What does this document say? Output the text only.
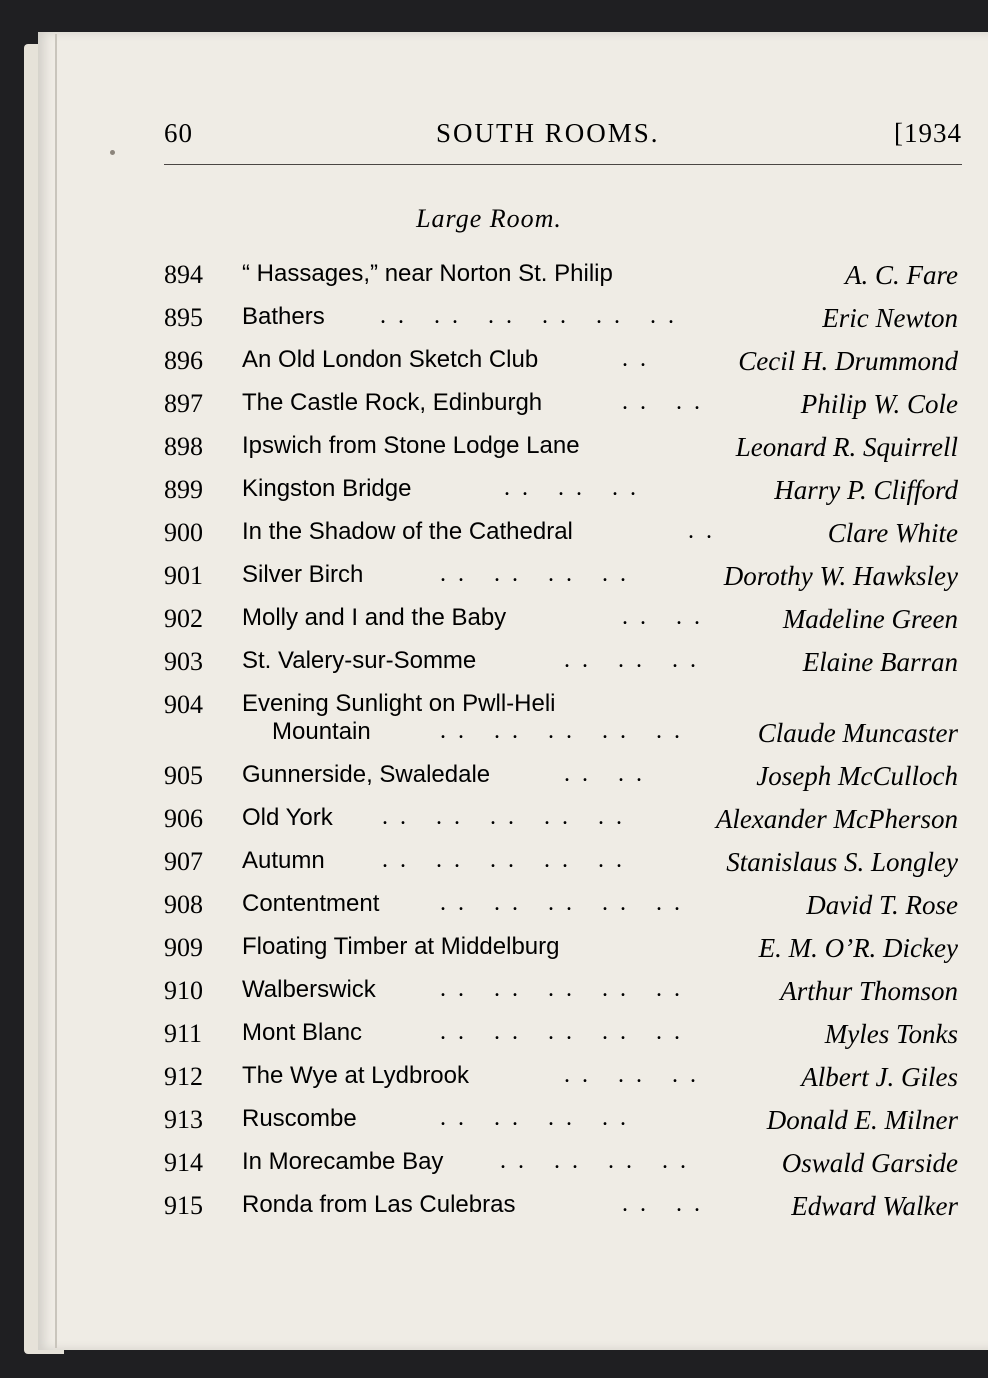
60	SOUTH ROOMS.	[1934
Large Room.
894 “ Hassages,” near Norton St. Philip	A. C. Fare
895 Bathers . .   . .   . .   . .   . .   . .	Eric Newton
896 An Old London Sketch Club	. .	Cecil H. Drummond
897 The Castle Rock, Edinburgh	. .   . .	Philip W. Cole
898 Ipswich from Stone Lodge Lane	Leonard R. Squirrell
899 Kingston Bridge	. .   . .   . .	Harry P. Clifford
900 In the Shadow of the Cathedral	. .	Clare White
901 Silver Birch	. .   . .   . .   . .	Dorothy W. Hawksley
902 Molly and I and the Baby	. .   . .	Madeline Green
903 St. Valery-sur-Somme	. .   . .   . .	Elaine Barran
904 Evening Sunlight on Pwll-Heli
Mountain	. .   . .   . .   . .   . .	Claude Muncaster
905 Gunnerside, Swaledale	. .   . .	Joseph McCulloch
906 Old York . .   . .   . .   . .   . .	Alexander McPherson
907 Autumn . .   . .   . .   . .   . .	Stanislaus S. Longley
908 Contentment	. .   . .   . .   . .   . .	David T. Rose
909 Floating Timber at Middelburg	E. M. O’R. Dickey
910 Walberswick	. .   . .   . .   . .   . .	Arthur Thomson
911 Mont Blanc	. .   . .   . .   . .   . .	Myles Tonks
912 The Wye at Lydbrook	. .   . .   . .	Albert J. Giles
913 Ruscombe	. .   . .   . .   . .	Donald E. Milner
914 In Morecambe Bay . .   . .   . .   . .	Oswald Garside
915 Ronda from Las Culebras	. .   . .	Edward Walker
